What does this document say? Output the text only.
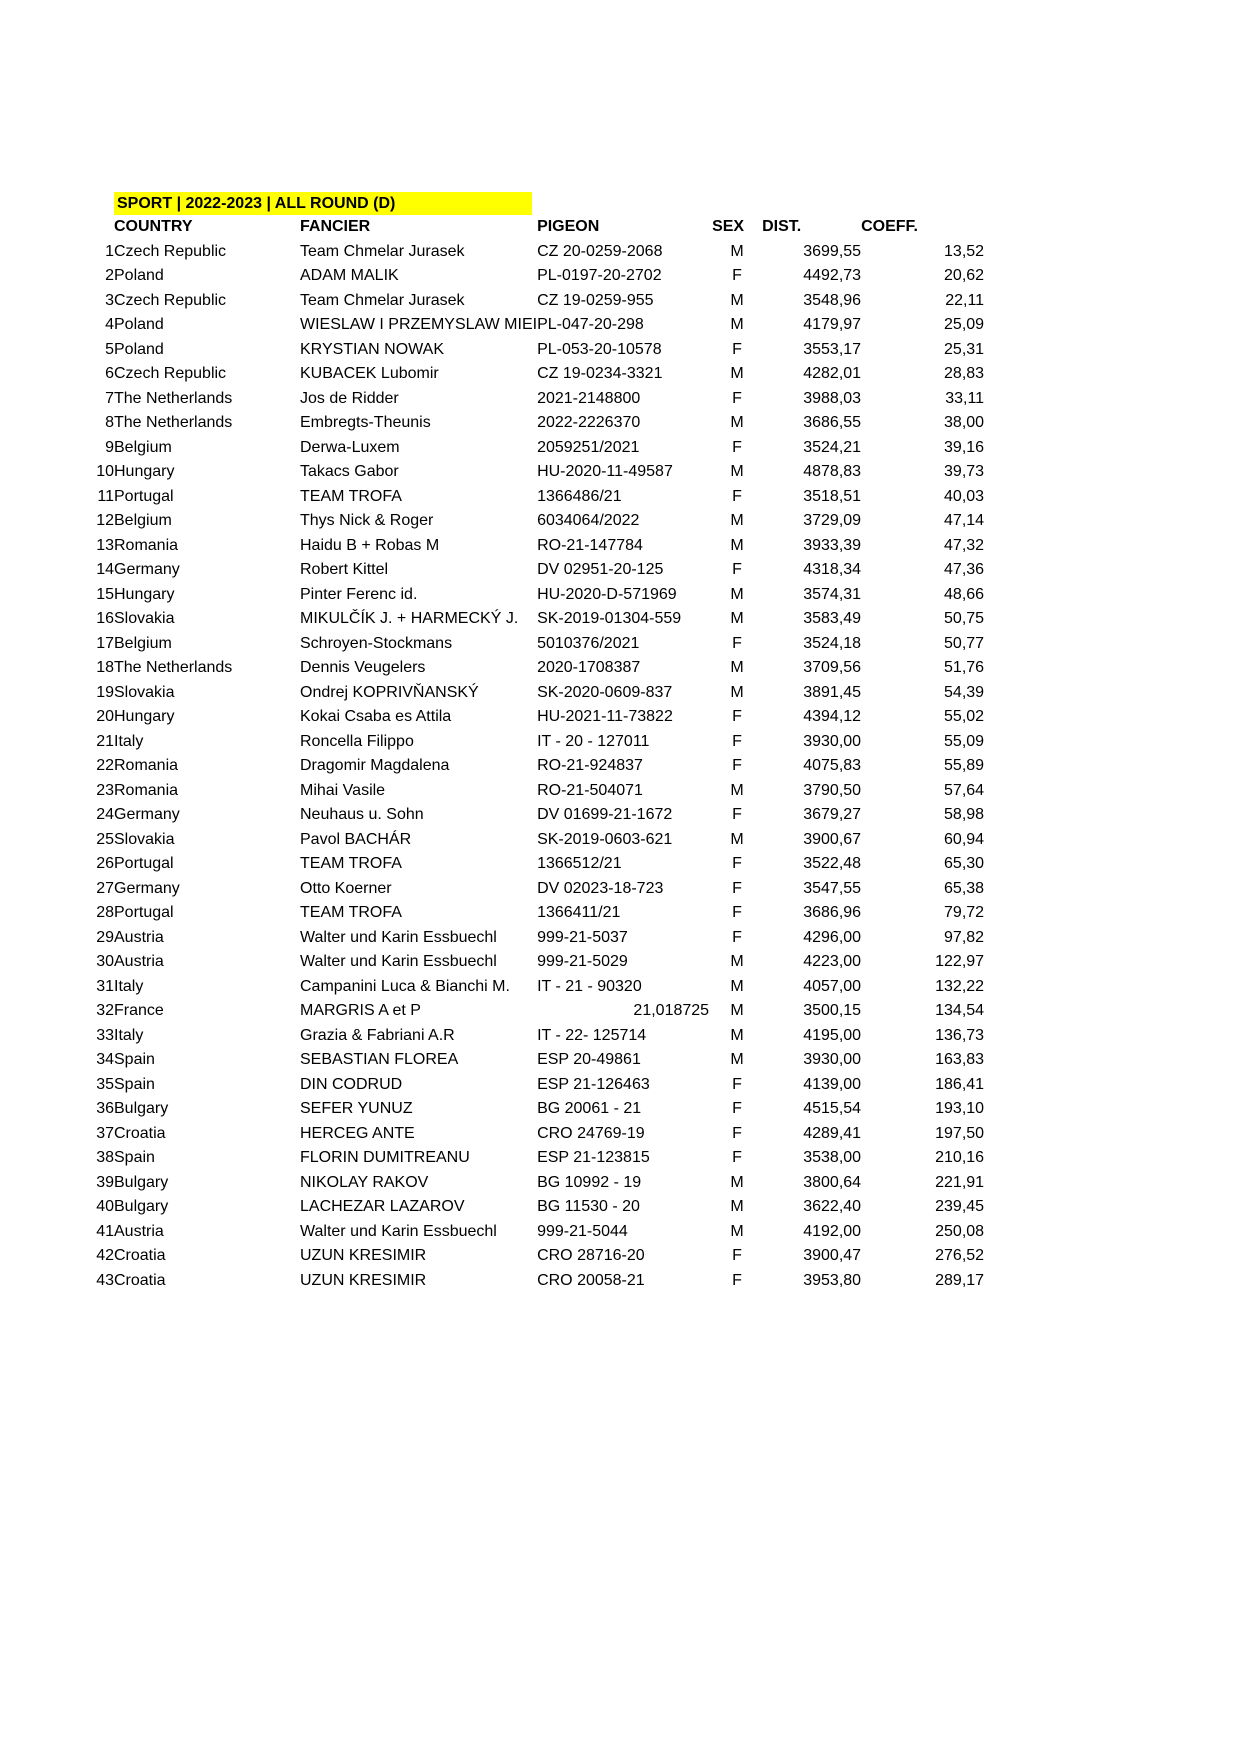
SPORT | 2022-2023 | ALL ROUND (D)
	COUNTRY	FANCIER	PIGEON	SEX	DIST.	COEFF.
1	Czech Republic	Team Chmelar Jurasek	CZ 20-0259-2068	M	3699,55	13,52
2	Poland	ADAM MALIK	PL-0197-20-2702	F	4492,73	20,62
3	Czech Republic	Team Chmelar Jurasek	CZ 19-0259-955	M	3548,96	22,11
4	Poland	WIESLAW I PRZEMYSLAW MIEI	PL-047-20-298	M	4179,97	25,09
5	Poland	KRYSTIAN NOWAK	PL-053-20-10578	F	3553,17	25,31
6	Czech Republic	KUBACEK Lubomir	CZ 19-0234-3321	M	4282,01	28,83
7	The Netherlands	Jos de Ridder	2021-2148800	F	3988,03	33,11
8	The Netherlands	Embregts-Theunis	2022-2226370	M	3686,55	38,00
9	Belgium	Derwa-Luxem	2059251/2021	F	3524,21	39,16
10	Hungary	Takacs Gabor	HU-2020-11-49587	M	4878,83	39,73
11	Portugal	TEAM TROFA	1366486/21	F	3518,51	40,03
12	Belgium	Thys Nick & Roger	6034064/2022	M	3729,09	47,14
13	Romania	Haidu B + Robas M	RO-21-147784	M	3933,39	47,32
14	Germany	Robert Kittel	DV 02951-20-125	F	4318,34	47,36
15	Hungary	Pinter Ferenc id.	HU-2020-D-571969	M	3574,31	48,66
16	Slovakia	MIKULČÍK J. + HARMECKÝ J.	SK-2019-01304-559	M	3583,49	50,75
17	Belgium	Schroyen-Stockmans	5010376/2021	F	3524,18	50,77
18	The Netherlands	Dennis Veugelers	2020-1708387	M	3709,56	51,76
19	Slovakia	Ondrej KOPRIVŇANSKÝ	SK-2020-0609-837	M	3891,45	54,39
20	Hungary	Kokai Csaba es Attila	HU-2021-11-73822	F	4394,12	55,02
21	Italy	Roncella Filippo	IT - 20 - 127011	F	3930,00	55,09
22	Romania	Dragomir Magdalena	RO-21-924837	F	4075,83	55,89
23	Romania	Mihai Vasile	RO-21-504071	M	3790,50	57,64
24	Germany	Neuhaus u. Sohn	DV 01699-21-1672	F	3679,27	58,98
25	Slovakia	Pavol BACHÁR	SK-2019-0603-621	M	3900,67	60,94
26	Portugal	TEAM TROFA	1366512/21	F	3522,48	65,30
27	Germany	Otto Koerner	DV 02023-18-723	F	3547,55	65,38
28	Portugal	TEAM TROFA	1366411/21	F	3686,96	79,72
29	Austria	Walter und Karin Essbuechl	999-21-5037	F	4296,00	97,82
30	Austria	Walter und Karin Essbuechl	999-21-5029	M	4223,00	122,97
31	Italy	Campanini Luca & Bianchi M.	IT - 21 - 90320	M	4057,00	132,22
32	France	MARGRIS A et P	21,018725	M	3500,15	134,54
33	Italy	Grazia & Fabriani A.R	IT - 22- 125714	M	4195,00	136,73
34	Spain	SEBASTIAN FLOREA	ESP 20-49861	M	3930,00	163,83
35	Spain	DIN CODRUD	ESP 21-126463	F	4139,00	186,41
36	Bulgary	SEFER YUNUZ	BG 20061 - 21	F	4515,54	193,10
37	Croatia	HERCEG ANTE	CRO 24769-19	F	4289,41	197,50
38	Spain	FLORIN DUMITREANU	ESP 21-123815	F	3538,00	210,16
39	Bulgary	NIKOLAY RAKOV	BG 10992 - 19	M	3800,64	221,91
40	Bulgary	LACHEZAR LAZAROV	BG 11530 - 20	M	3622,40	239,45
41	Austria	Walter und Karin Essbuechl	999-21-5044	M	4192,00	250,08
42	Croatia	UZUN KRESIMIR	CRO 28716-20	F	3900,47	276,52
43	Croatia	UZUN KRESIMIR	CRO 20058-21	F	3953,80	289,17
